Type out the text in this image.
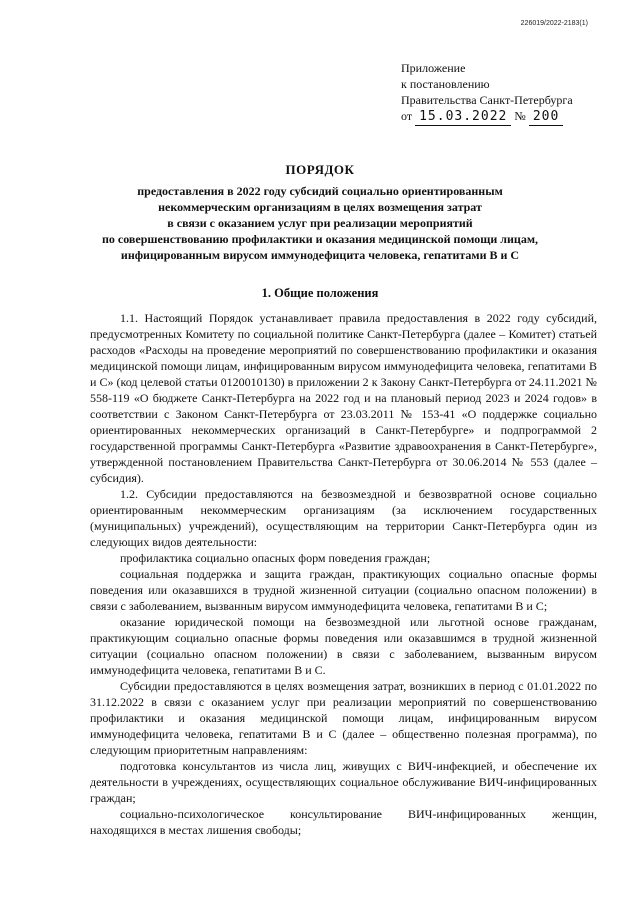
226019/2022-2183(1)
Приложение
к постановлению
Правительства Санкт-Петербурга
от 15.03.2022 № 200
ПОРЯДОК
предоставления в 2022 году субсидий социально ориентированным
некоммерческим организациям в целях возмещения затрат
в связи с оказанием услуг при реализации мероприятий
по совершенствованию профилактики и оказания медицинской помощи лицам,
инфицированным вирусом иммунодефицита человека, гепатитами В и С
1. Общие положения

1.1. Настоящий Порядок устанавливает правила предоставления в 2022 году субсидий, предусмотренных Комитету по социальной политике Санкт-Петербурга (далее – Комитет) статьей расходов «Расходы на проведение мероприятий по совершенствованию профилактики и оказания медицинской помощи лицам, инфицированным вирусом иммунодефицита человека, гепатитами В и С» (код целевой статьи 0120010130) в приложении 2 к Закону Санкт-Петербурга от 24.11.2021 № 558-119 «О бюджете Санкт-Петербурга на 2022 год и на плановый период 2023 и 2024 годов» в соответствии с Законом Санкт-Петербурга от 23.03.2011 № 153-41 «О поддержке социально ориентированных некоммерческих организаций в Санкт-Петербурге» и подпрограммой 2 государственной программы Санкт-Петербурга «Развитие здравоохранения в Санкт-Петербурге», утвержденной постановлением Правительства Санкт-Петербурга от 30.06.2014 № 553 (далее – субсидия).

1.2. Субсидии предоставляются на безвозмездной и безвозвратной основе социально ориентированным некоммерческим организациям (за исключением государственных (муниципальных) учреждений), осуществляющим на территории Санкт-Петербурга один из следующих видов деятельности:

профилактика социально опасных форм поведения граждан;

социальная поддержка и защита граждан, практикующих социально опасные формы поведения или оказавшихся в трудной жизненной ситуации (социально опасном положении) в связи с заболеванием, вызванным вирусом иммунодефицита человека, гепатитами В и С;

оказание юридической помощи на безвозмездной или льготной основе гражданам, практикующим социально опасные формы поведения или оказавшимся в трудной жизненной ситуации (социально опасном положении) в связи с заболеванием, вызванным вирусом иммунодефицита человека, гепатитами В и С.

Субсидии предоставляются в целях возмещения затрат, возникших в период с 01.01.2022 по 31.12.2022 в связи с оказанием услуг при реализации мероприятий по совершенствованию профилактики и оказания медицинской помощи лицам, инфицированным вирусом иммунодефицита человека, гепатитами В и С (далее – общественно полезная программа), по следующим приоритетным направлениям:

подготовка консультантов из числа лиц, живущих с ВИЧ-инфекцией, и обеспечение их деятельности в учреждениях, осуществляющих социальное обслуживание ВИЧ-инфицированных граждан;

социально-психологическое консультирование ВИЧ-инфицированных женщин, находящихся в местах лишения свободы;
